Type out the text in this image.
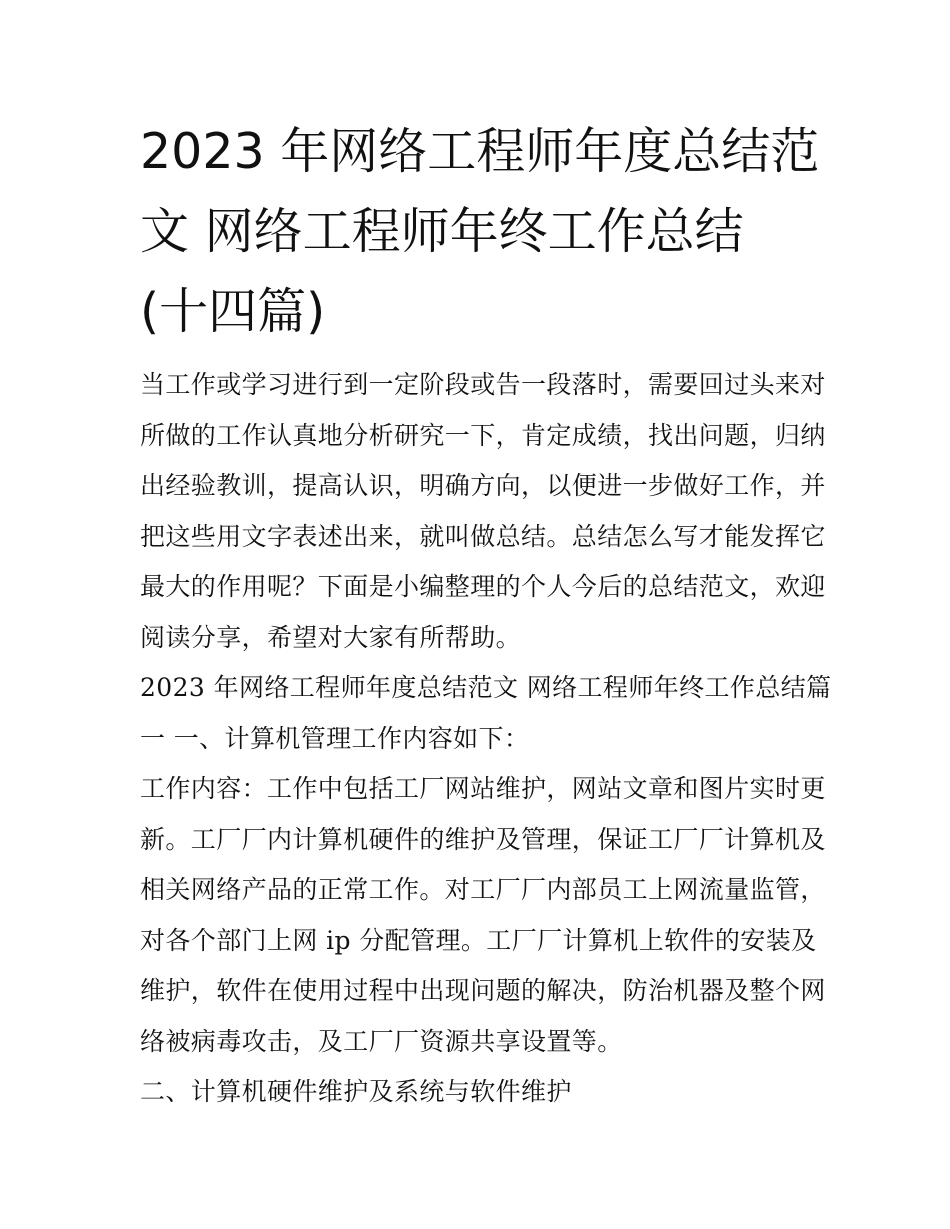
2023 年网络工程师年度总结范
文 网络工程师年终工作总结
(十四篇)

当工作或学习进行到一定阶段或告一段落时，需要回过头来对
所做的工作认真地分析研究一下，肯定成绩，找出问题，归纳
出经验教训，提高认识，明确方向，以便进一步做好工作，并
把这些用文字表述出来，就叫做总结。总结怎么写才能发挥它
最大的作用呢？下面是小编整理的个人今后的总结范文，欢迎
阅读分享，希望对大家有所帮助。

2023 年网络工程师年度总结范文 网络工程师年终工作总结篇
一 一、计算机管理工作内容如下：

工作内容：工作中包括工厂网站维护，网站文章和图片实时更
新。工厂厂内计算机硬件的维护及管理，保证工厂厂计算机及
相关网络产品的正常工作。对工厂厂内部员工上网流量监管，
对各个部门上网 ip 分配管理。工厂厂计算机上软件的安装及
维护，软件在使用过程中出现问题的解决，防治机器及整个网
络被病毒攻击，及工厂厂资源共享设置等。

二、计算机硬件维护及系统与软件维护
